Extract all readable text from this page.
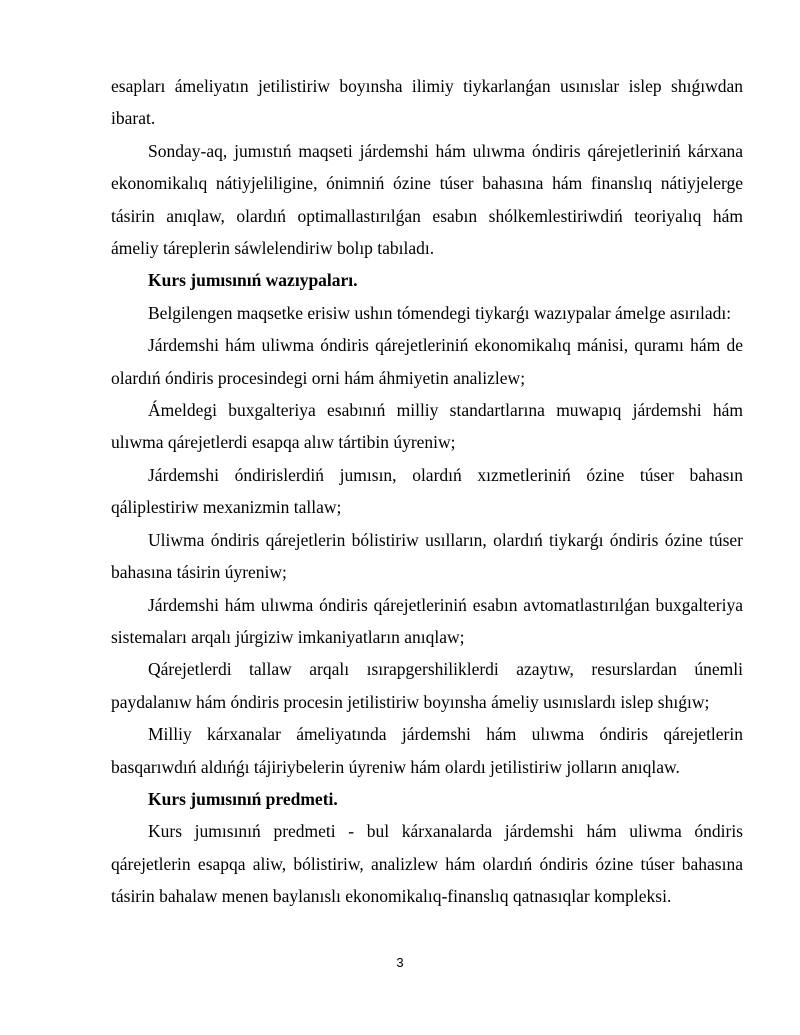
esapları ámeliyatın jetilistiriw boyınsha ilimiy tiykarlanǵan usınıslar islep shıǵıwdan ibarat.

Sonday-aq, jumıstıń maqseti járdemshi hám ulıwma óndiris qárejetleriniń kárxana ekonomikalıq nátiyjeliligine, ónimniń ózine túser bahasına hám finanslıq nátiyjelerge tásirin anıqlaw, olardıń optimallastırılǵan esabın shólkemlestiriwdiń teoriyalıq hám ámeliy táreplerin sáwlelendiriw bolıp tabıladı.

Kurs jumısınıń wazıypaları.

Belgilengen maqsetke erisiw ushın tómendegi tiykarǵı wazıypalar ámelge asırıladı:

Járdemshi hám uliwma óndiris qárejetleriniń ekonomikalıq mánisi, quramı hám de olardıń óndiris procesindegi orni hám áhmiyetin analizlew;

Ámeldegi buxgalteriya esabınıń milliy standartlarına muwapıq járdemshi hám ulıwma qárejetlerdi esapqa alıw tártibin úyreniw;

Járdemshi óndirislerdiń jumısın, olardıń xızmetleriniń ózine túser bahasın qáliplestiriw mexanizmin tallaw;

Uliwma óndiris qárejetlerin bólistiriw usılların, olardıń tiykarǵı óndiris ózine túser bahasına tásirin úyreniw;

Járdemshi hám ulıwma óndiris qárejetleriniń esabın avtomatlastırılǵan buxgalteriya sistemaları arqalı júrgiziw imkaniyatların anıqlaw;

Qárejetlerdi tallaw arqalı ısırapgershiliklerdi azaytıw, resurslardan únemli paydalanıw hám óndiris procesin jetilistiriw boyınsha ámeliy usınıslardı islep shıǵıw;

Milliy kárxanalar ámeliyatında járdemshi hám ulıwma óndiris qárejetlerin basqarıwdıń aldıńǵı tájiriybelerin úyreniw hám olardı jetilistiriw jolların anıqlaw.

Kurs jumısınıń predmeti.

Kurs jumısınıń predmeti - bul kárxanalarda járdemshi hám uliwma óndiris qárejetlerin esapqa aliw, bólistiriw, analizlew hám olardıń óndiris ózine túser bahasına tásirin bahalaw menen baylanıslı ekonomikalıq-finanslıq qatnasıqlar kompleksi.

3
